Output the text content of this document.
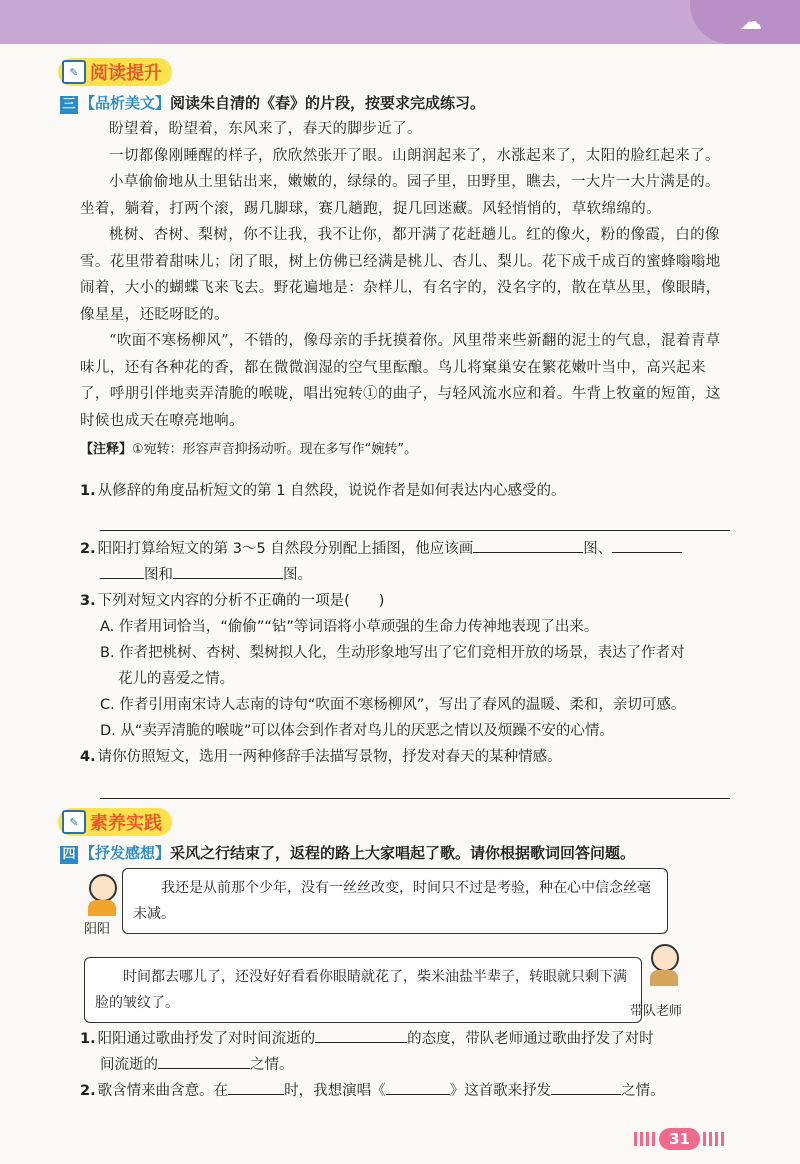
☁
✎ 阅读提升
三 【品析美文】阅读朱自清的《春》的片段，按要求完成练习。

盼望着，盼望着，东风来了，春天的脚步近了。

一切都像刚睡醒的样子，欣欣然张开了眼。山朗润起来了，水涨起来了，太阳的脸红起来了。

小草偷偷地从土里钻出来，嫩嫩的，绿绿的。园子里，田野里，瞧去，一大片一大片满是的。坐着，躺着，打两个滚，踢几脚球，赛几趟跑，捉几回迷藏。风轻悄悄的，草软绵绵的。

桃树、杏树、梨树，你不让我，我不让你，都开满了花赶趟儿。红的像火，粉的像霞，白的像雪。花里带着甜味儿；闭了眼，树上仿佛已经满是桃儿、杏儿、梨儿。花下成千成百的蜜蜂嗡嗡地闹着，大小的蝴蝶飞来飞去。野花遍地是：杂样儿，有名字的，没名字的，散在草丛里，像眼睛，像星星，还眨呀眨的。

“吹面不寒杨柳风”，不错的，像母亲的手抚摸着你。风里带来些新翻的泥土的气息，混着青草味儿，还有各种花的香，都在微微润湿的空气里酝酿。鸟儿将窠巢安在繁花嫩叶当中，高兴起来了，呼朋引伴地卖弄清脆的喉咙，唱出宛转①的曲子，与轻风流水应和着。牛背上牧童的短笛，这时候也成天在嘹亮地响。

【注释】①宛转：形容声音抑扬动听。现在多写作“婉转”。
1. 从修辞的角度品析短文的第 1 自然段，说说作者是如何表达内心感受的。
2. 阳阳打算给短文的第 3～5 自然段分别配上插图，他应该画	图、
图和	图。
3. 下列对短文内容的分析不正确的一项是(　　)
A. 作者用词恰当，“偷偷”“钻”等词语将小草顽强的生命力传神地表现了出来。
B. 作者把桃树、杏树、梨树拟人化，生动形象地写出了它们竞相开放的场景，表达了作者对
花儿的喜爱之情。
C. 作者引用南宋诗人志南的诗句“吹面不寒杨柳风”，写出了春风的温暖、柔和，亲切可感。
D. 从“卖弄清脆的喉咙”可以体会到作者对鸟儿的厌恶之情以及烦躁不安的心情。
4. 请你仿照短文，选用一两种修辞手法描写景物，抒发对春天的某种情感。
✎ 素养实践
四 【抒发感想】采风之行结束了，返程的路上大家唱起了歌。请你根据歌词回答问题。
阳阳

我还是从前那个少年，没有一丝丝改变，时间只不过是考验，种在心中信念丝毫未减。

时间都去哪儿了，还没好好看看你眼睛就花了，柴米油盐半辈子，转眼就只剩下满脸的皱纹了。

带队老师
1. 阳阳通过歌曲抒发了对时间流逝的	的态度，带队老师通过歌曲抒发了对时
间流逝的	之情。
2. 歌含情来曲含意。在	时，我想演唱《	》这首歌来抒发	之情。
31
